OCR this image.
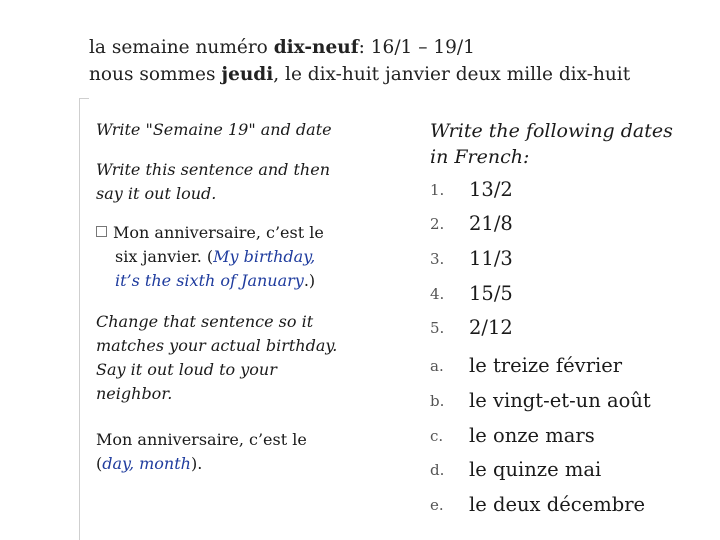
la semaine numéro dix-neuf: 16/1 – 19/1
nous sommes jeudi, le dix-huit janvier deux mille dix-huit
Write "Semaine 19" and date
Write this sentence and then
say it out loud.
Mon anniversaire, c’est le
six janvier. (My birthday,
it’s the sixth of January.)
Change that sentence so it
matches your actual birthday.
Say it out loud to your
neighbor.
Mon anniversaire, c’est le
(day, month).
Write the following dates
in French:
1. 13/2
2. 21/8
3. 11/3
4. 15/5
5. 2/12
a. le treize février
b. le vingt-et-un août
c. le onze mars
d. le quinze mai
e. le deux décembre
